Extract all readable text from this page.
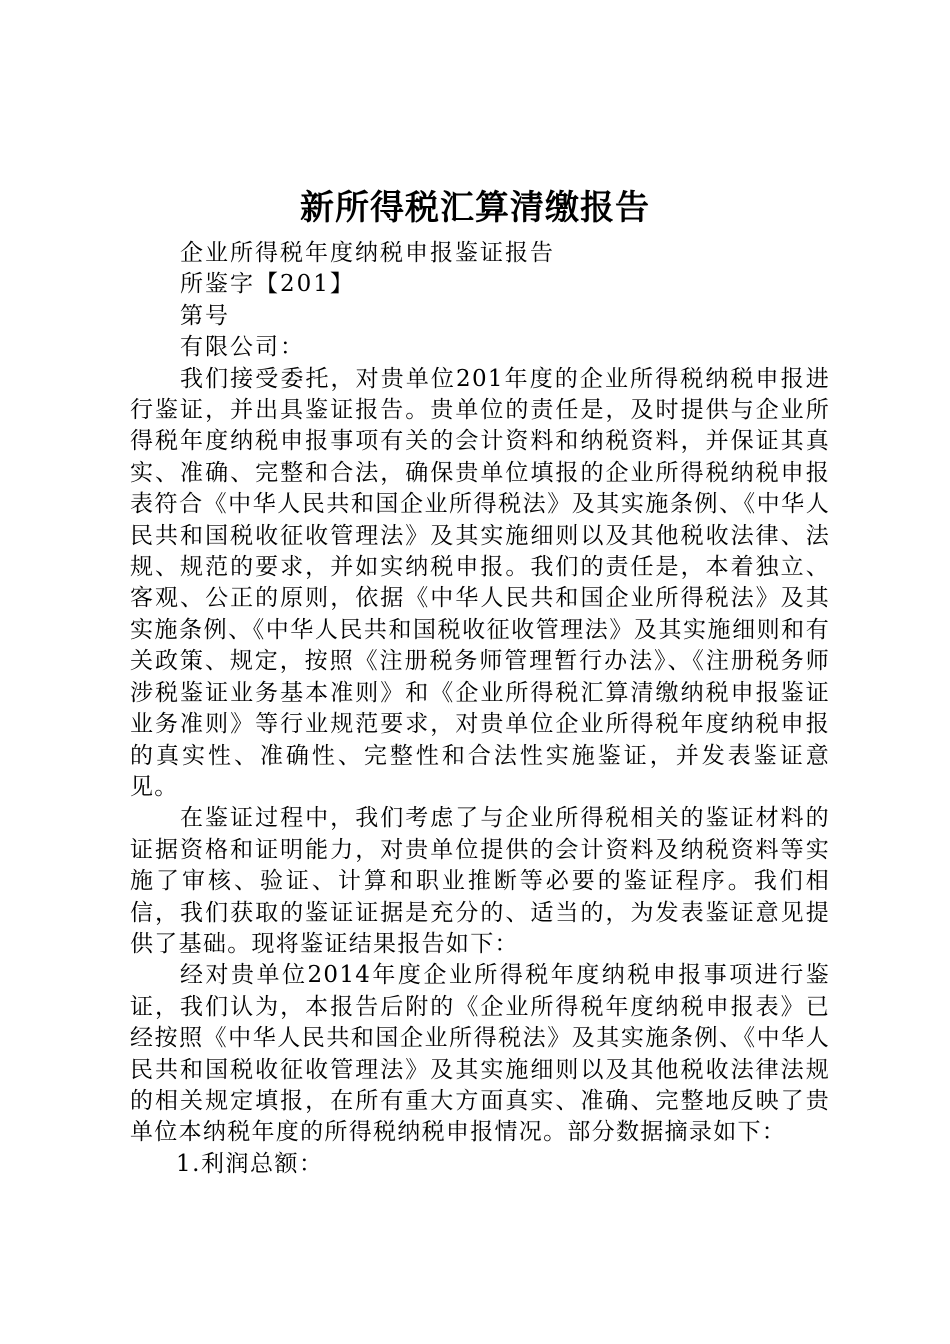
新所得税汇算清缴报告
企业所得税年度纳税申报鉴证报告
所鉴字【201】
第号
有限公司：

我们接受委托，对贵单位201年度的企业所得税纳税申报进行鉴证，并出具鉴证报告。贵单位的责任是，及时提供与企业所得税年度纳税申报事项有关的会计资料和纳税资料，并保证其真实、准确、完整和合法，确保贵单位填报的企业所得税纳税申报表符合《中华人民共和国企业所得税法》及其实施条例、《中华人民共和国税收征收管理法》及其实施细则以及其他税收法律、法规、规范的要求，并如实纳税申报。我们的责任是，本着独立、客观、公正的原则，依据《中华人民共和国企业所得税法》及其实施条例、《中华人民共和国税收征收管理法》及其实施细则和有关政策、规定，按照《注册税务师管理暂行办法》、《注册税务师涉税鉴证业务基本准则》和《企业所得税汇算清缴纳税申报鉴证业务准则》等行业规范要求，对贵单位企业所得税年度纳税申报的真实性、准确性、完整性和合法性实施鉴证，并发表鉴证意见。

在鉴证过程中，我们考虑了与企业所得税相关的鉴证材料的证据资格和证明能力，对贵单位提供的会计资料及纳税资料等实施了审核、验证、计算和职业推断等必要的鉴证程序。我们相信，我们获取的鉴证证据是充分的、适当的，为发表鉴证意见提供了基础。现将鉴证结果报告如下：

经对贵单位2014年度企业所得税年度纳税申报事项进行鉴证，我们认为，本报告后附的《企业所得税年度纳税申报表》已经按照《中华人民共和国企业所得税法》及其实施条例、《中华人民共和国税收征收管理法》及其实施细则以及其他税收法律法规的相关规定填报，在所有重大方面真实、准确、完整地反映了贵单位本纳税年度的所得税纳税申报情况。部分数据摘录如下：

1.利润总额：
